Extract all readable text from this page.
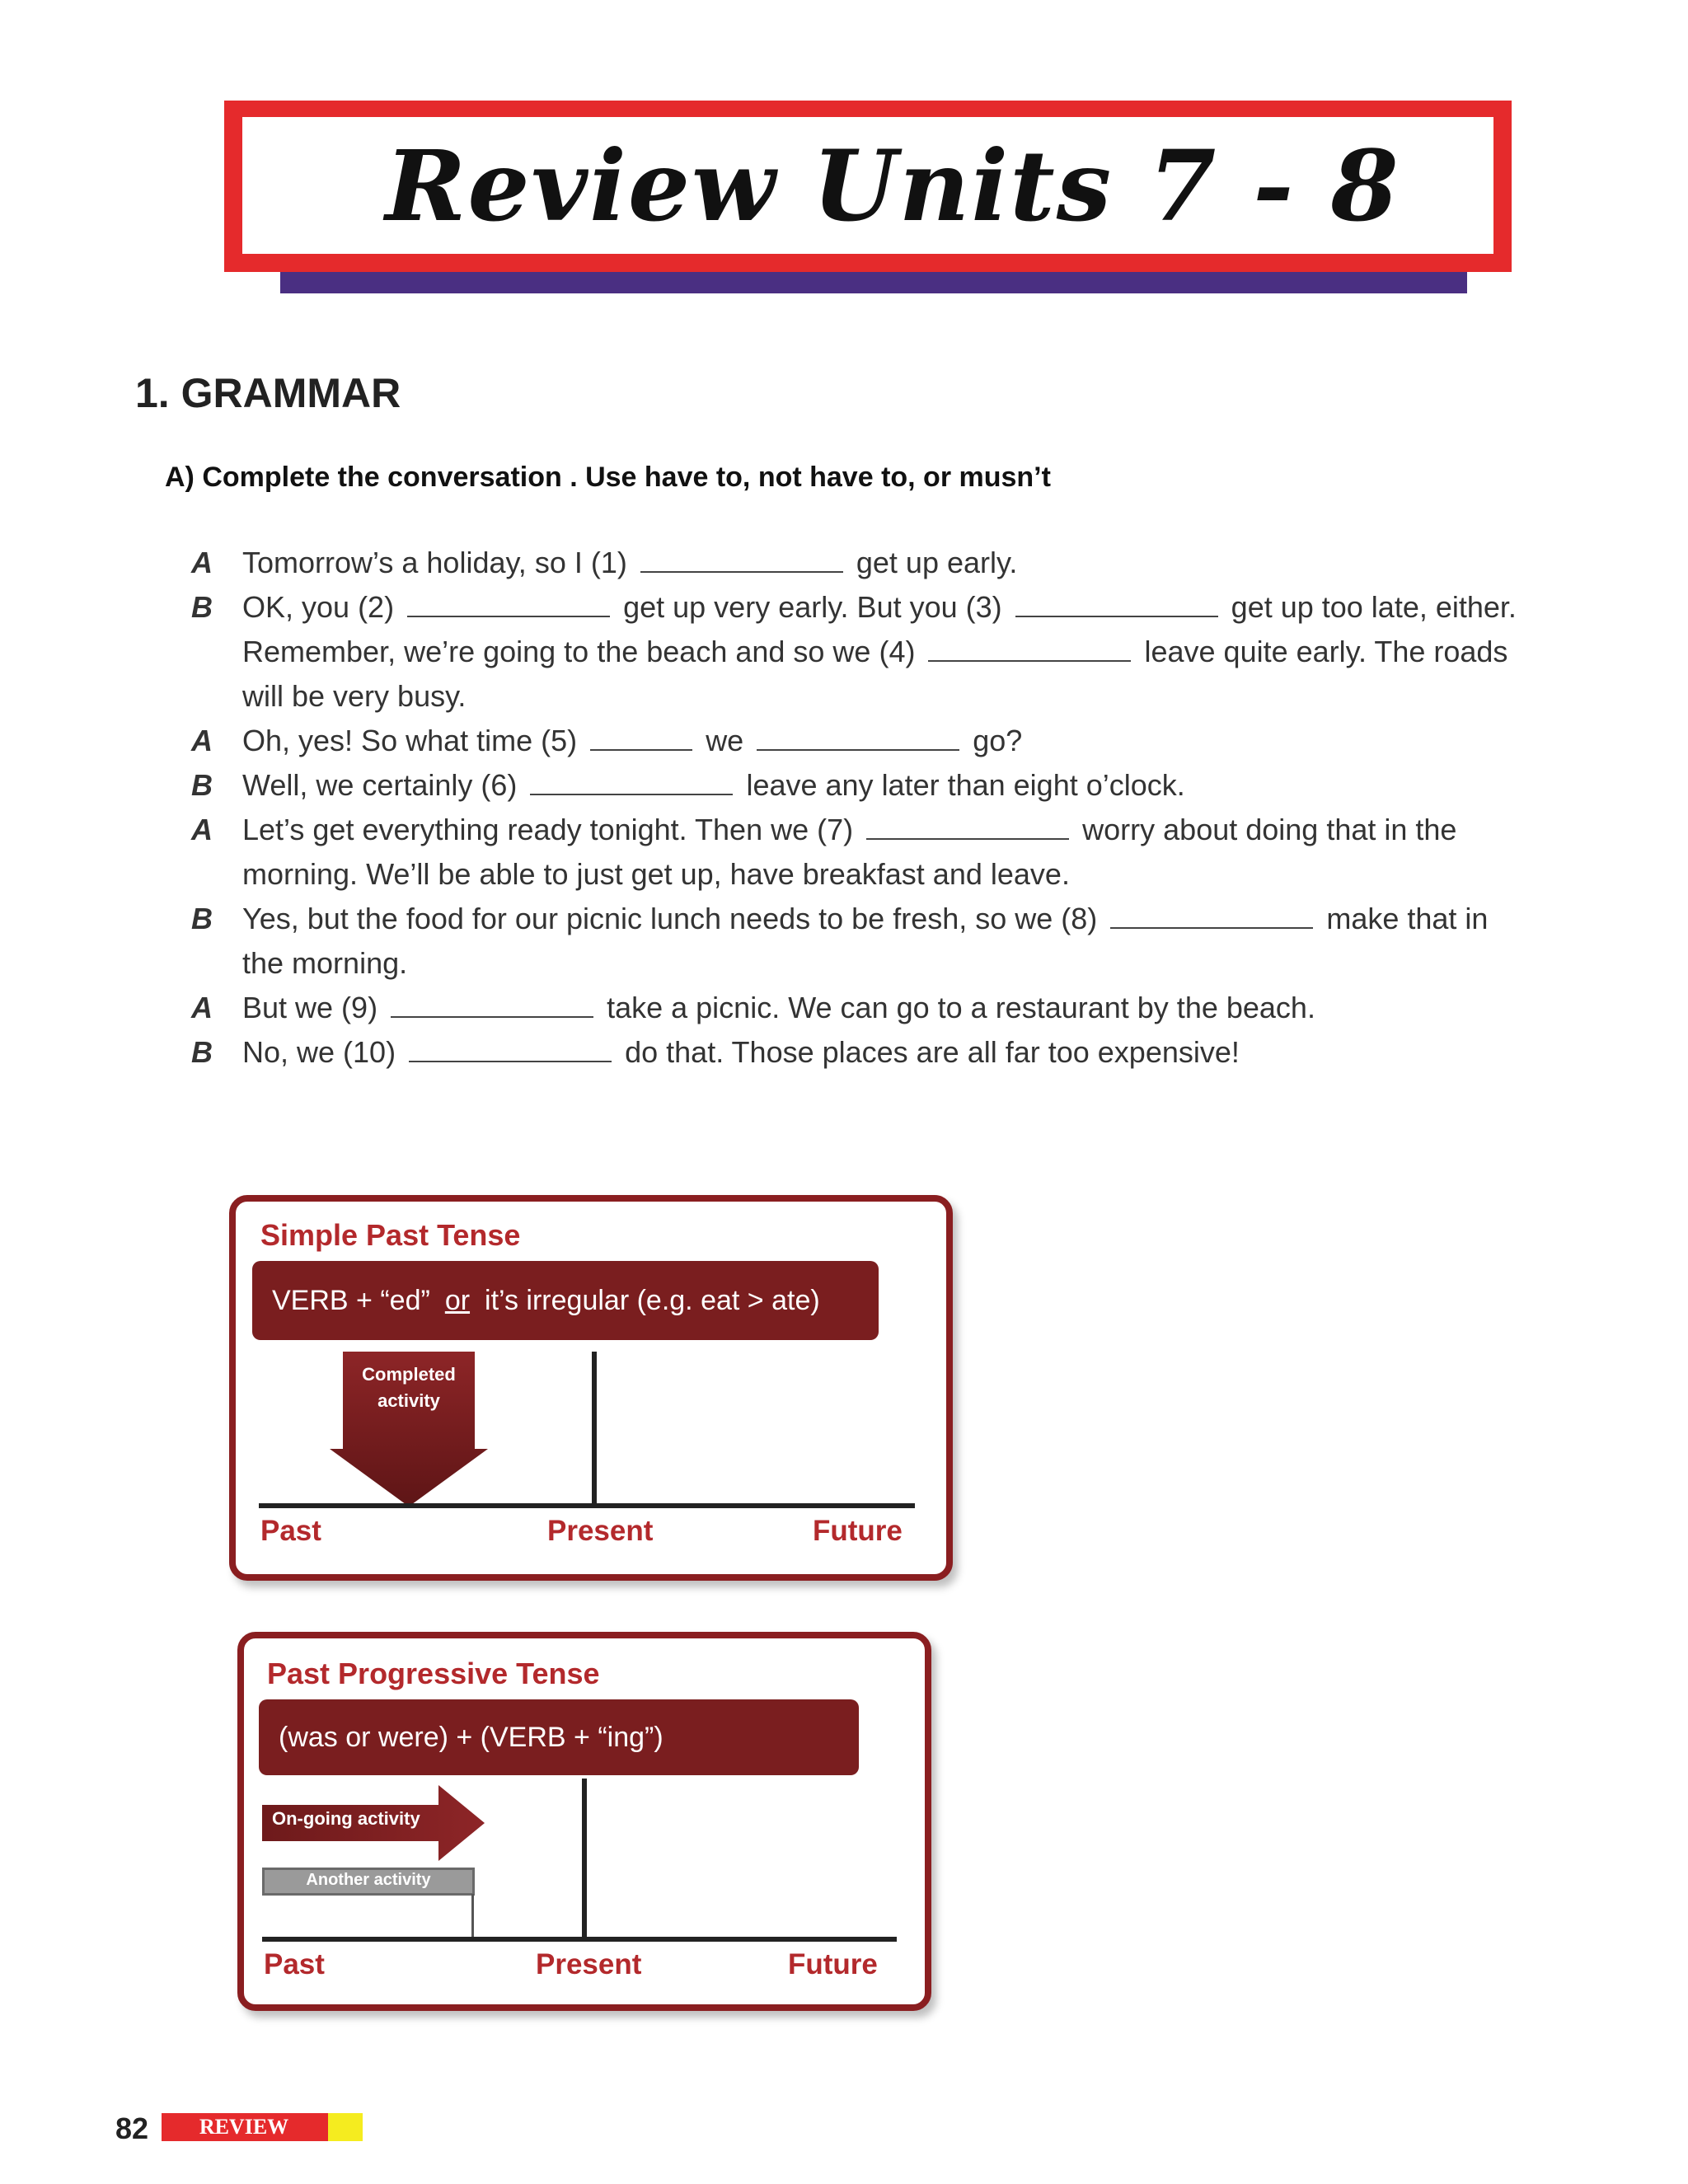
Review Units 7 - 8
1. GRAMMAR
A) Complete the conversation . Use have to, not have to, or musn’t
A Tomorrow’s a holiday, so I (1)	get up early.
B OK, you (2)	get up very early. But you (3)	get up too late, either.
Remember, we’re going to the beach and so we (4)	leave quite early. The roads
will be very busy.
A Oh, yes! So what time (5)	we	go?
B Well, we certainly (6)	leave any later than eight o’clock.
A Let’s get everything ready tonight. Then we (7)	worry about doing that in the
morning. We’ll be able to just get up, have breakfast and leave.
B Yes, but the food for our picnic lunch needs to be fresh, so we (8)	make that in
the morning.
A But we (9)	take a picnic. We can go to a restaurant by the beach.
B No, we (10)	do that. Those places are all far too expensive!
Simple Past Tense
VERB + “ed” or it’s irregular (e.g. eat > ate)
Completed
activity
Past	Present	Future
Past Progressive Tense
(was or were) + (VERB + “ing”)
On-going activity
Another activity
Past	Present	Future
82	REVIEW
